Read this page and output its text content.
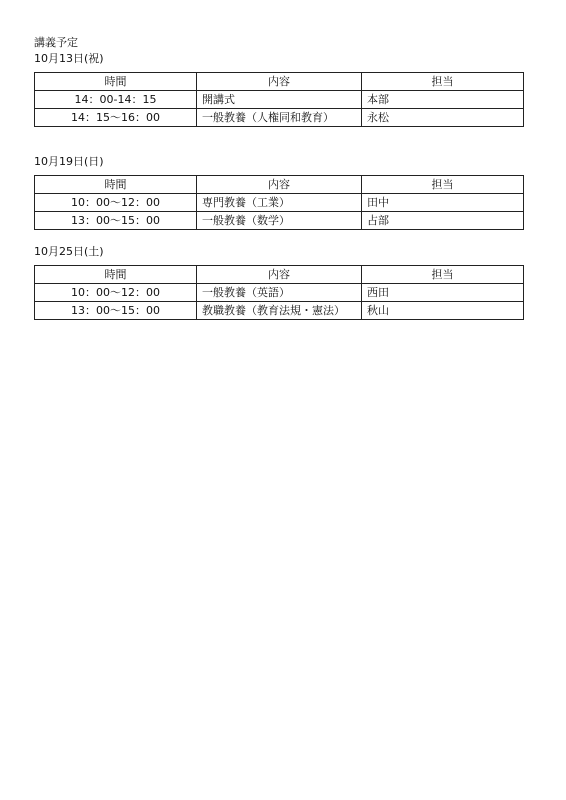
講義予定
10月13日(祝)
時間	内容	担当
14：00-14：15	開講式	本部
14：15～16：00	一般教養（人権同和教育）	永松
10月19日(日)
時間	内容	担当
10：00～12：00	専門教養（工業）	田中
13：00～15：00	一般教養（数学）	占部
10月25日(土)
時間	内容	担当
10：00～12：00	一般教養（英語）	西田
13：00～15：00	教職教養（教育法規・憲法）	秋山
